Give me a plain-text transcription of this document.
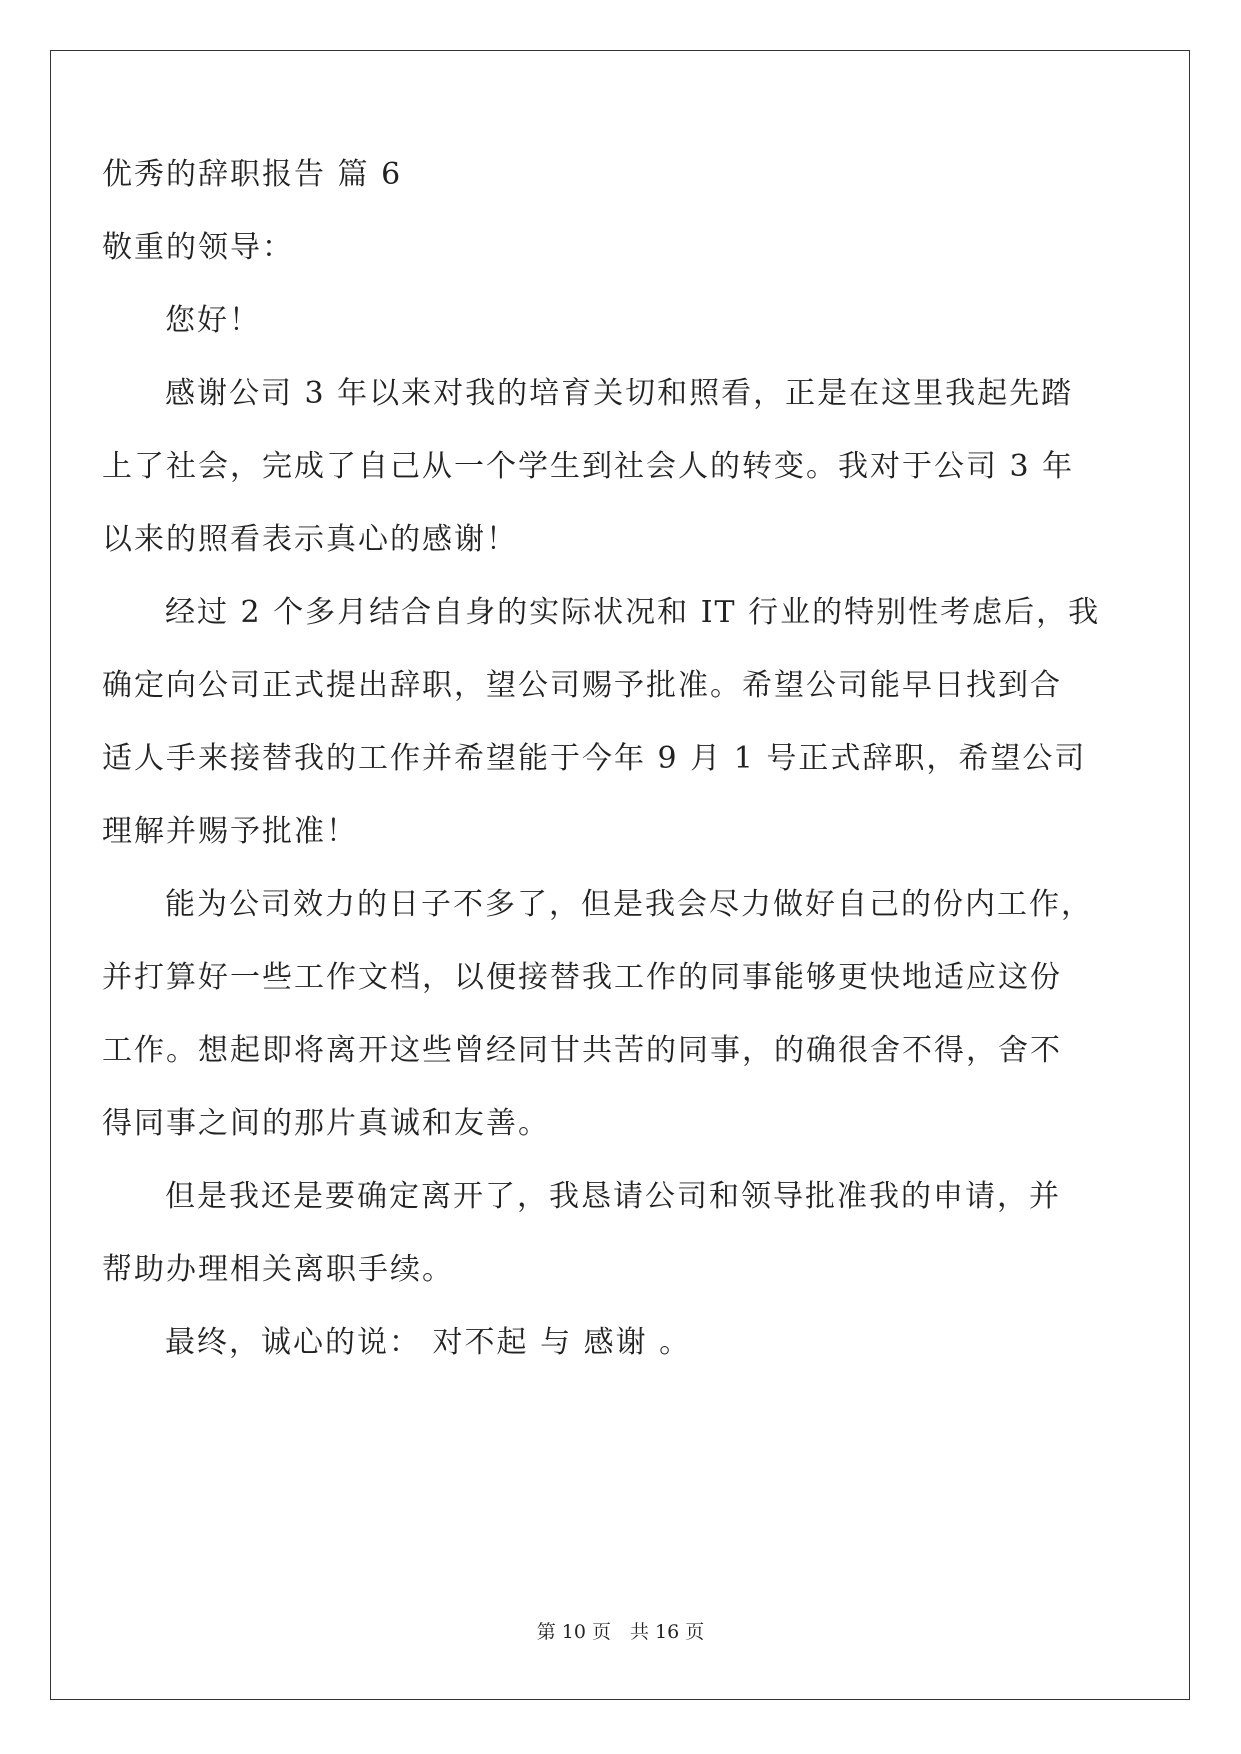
优秀的辞职报告 篇 6
敬重的领导：
您好！
感谢公司 3 年以来对我的培育关切和照看，正是在这里我起先踏
上了社会，完成了自己从一个学生到社会人的转变。我对于公司 3 年
以来的照看表示真心的感谢！
经过 2 个多月结合自身的实际状况和 IT 行业的特别性考虑后，我
确定向公司正式提出辞职，望公司赐予批准。希望公司能早日找到合
适人手来接替我的工作并希望能于今年 9 月 1 号正式辞职，希望公司
理解并赐予批准！
能为公司效力的日子不多了，但是我会尽力做好自己的份内工作，
并打算好一些工作文档，以便接替我工作的同事能够更快地适应这份
工作。想起即将离开这些曾经同甘共苦的同事，的确很舍不得，舍不
得同事之间的那片真诚和友善。
但是我还是要确定离开了，我恳请公司和领导批准我的申请，并
帮助办理相关离职手续。
最终，诚心的说： 对不起 与 感谢 。
第 10 页　共 16 页
